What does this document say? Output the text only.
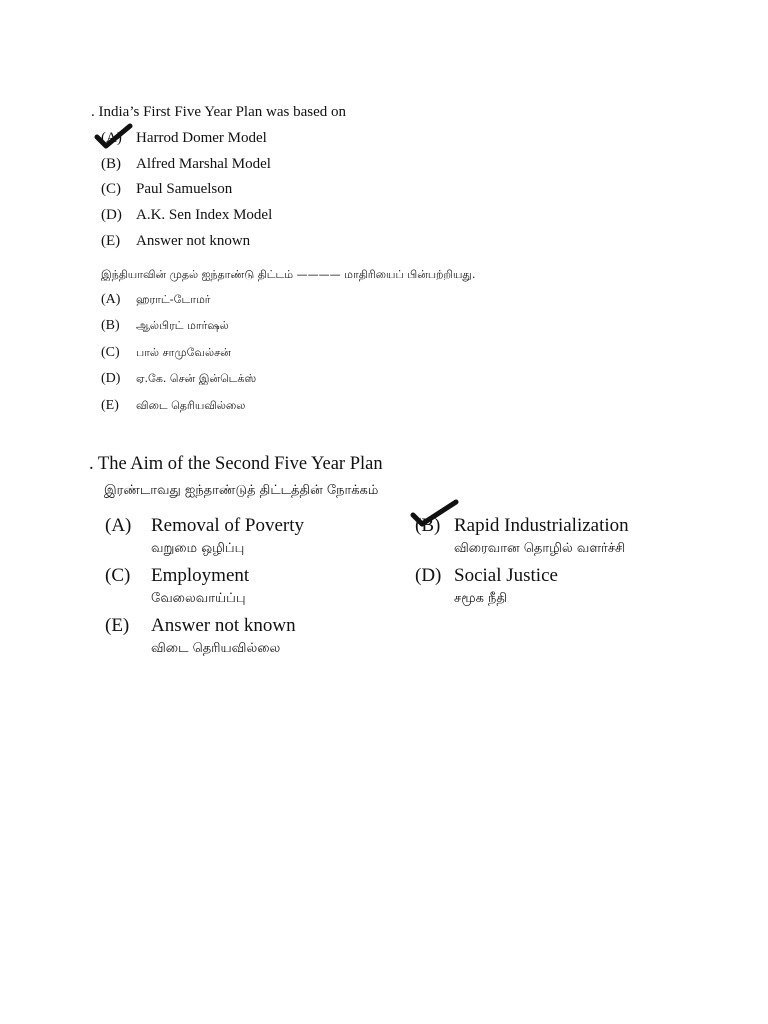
. India’s First Five Year Plan was based on
(A) Harrod Domer Model
(B) Alfred Marshal Model
(C) Paul Samuelson
(D) A.K. Sen Index Model
(E) Answer not known
இந்தியாவின் முதல் ஐந்தாண்டு திட்டம் ———— மாதிரியைப் பின்பற்றியது.
(A) ஹராட்-டோமர்
(B) ஆல்பிரட் மார்ஷல்
(C) பால் சாமுவேல்சன்
(D) ஏ.கே. சென் இன்டெக்ஸ்
(E) விடை தெரியவில்லை
. The Aim of the Second Five Year Plan
இரண்டாவது ஐந்தாண்டுத் திட்டத்தின் நோக்கம்
(A) Removal of Poverty
வறுமை ஒழிப்பு
(B) Rapid Industrialization
விரைவான தொழில் வளர்ச்சி
(C) Employment
வேலைவாய்ப்பு
(D) Social Justice
சமூக நீதி
(E) Answer not known
விடை தெரியவில்லை
